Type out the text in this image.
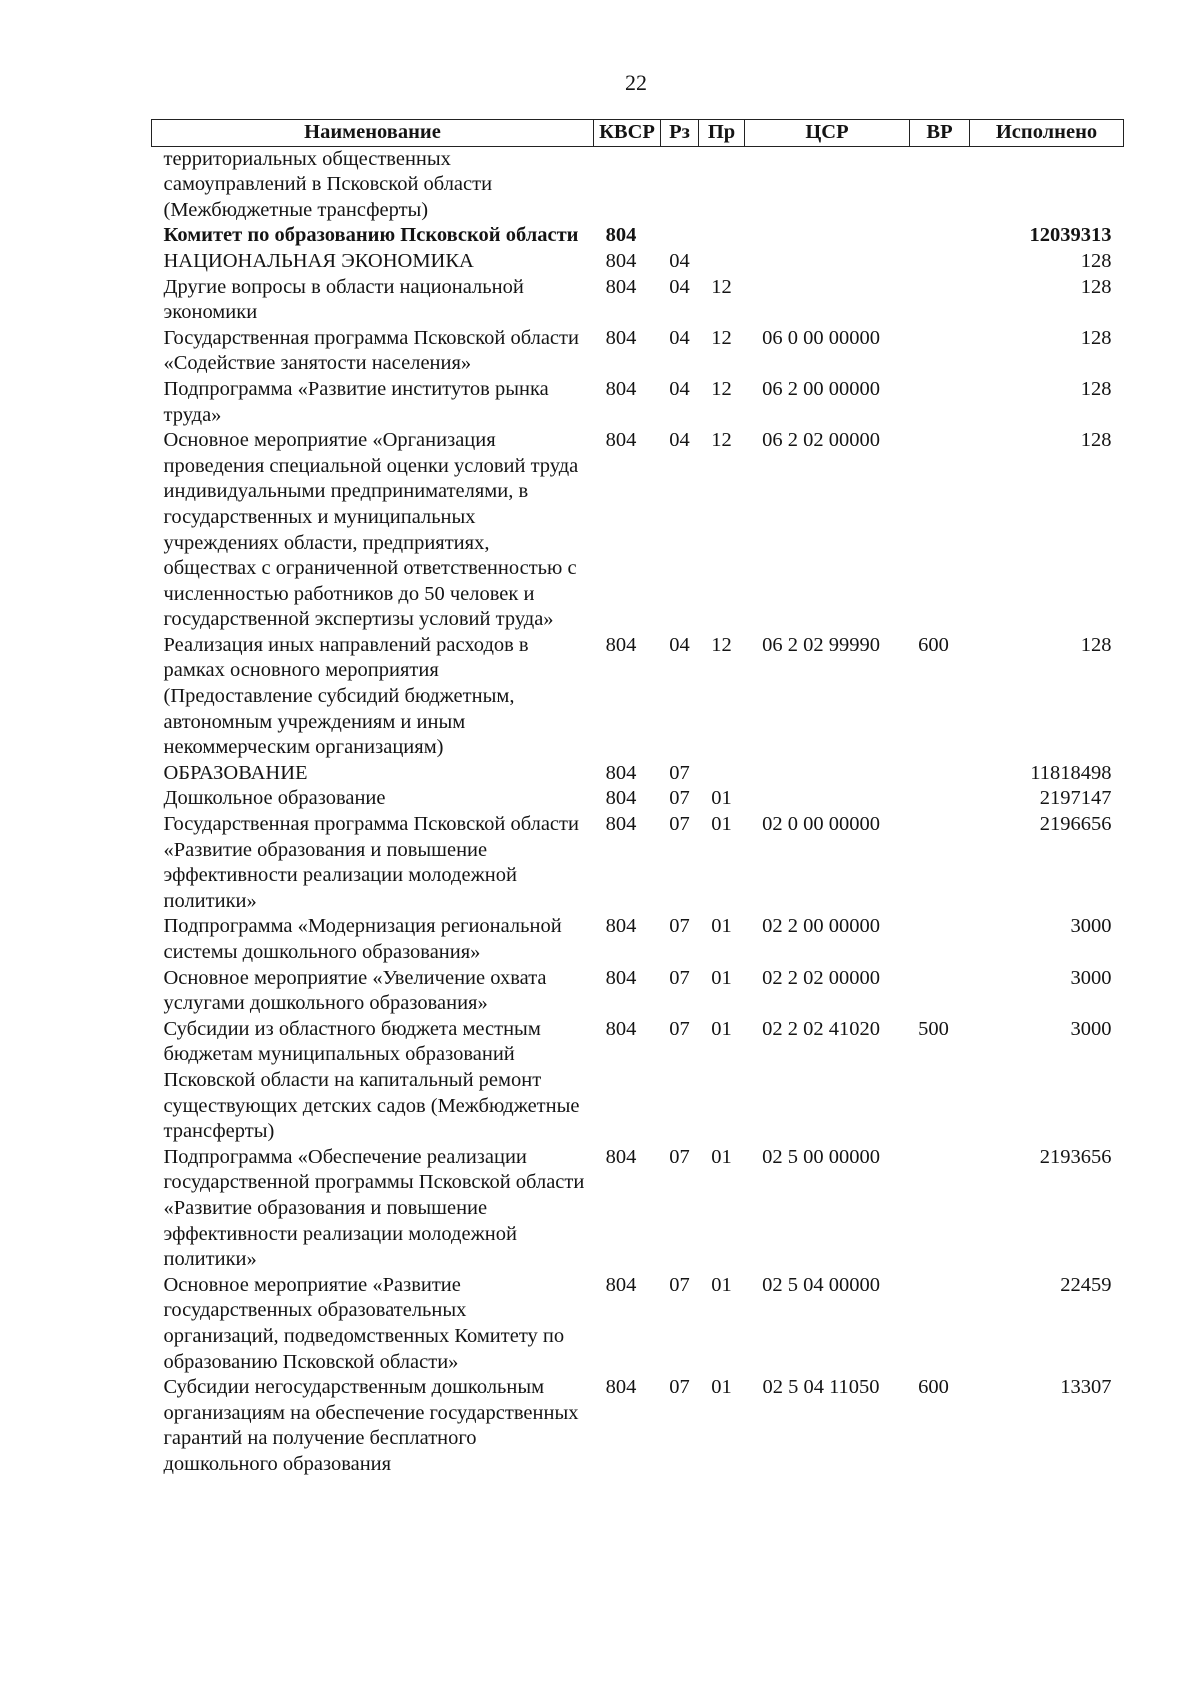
22
Наименование	КВСР	Рз	Пр	ЦСР	ВР	Исполнено
территориальных общественных самоуправлений в Псковской области (Межбюджетные трансферты)						
Комитет по образованию Псковской области	804					12039313
НАЦИОНАЛЬНАЯ ЭКОНОМИКА	804	04				128
Другие вопросы в области национальной экономики	804	04	12			128
Государственная программа Псковской области «Содействие занятости населения»	804	04	12	06 0 00 00000		128
Подпрограмма «Развитие институтов рынка труда»	804	04	12	06 2 00 00000		128
Основное мероприятие «Организация проведения специальной оценки условий труда индивидуальными предпринимателями, в государственных и муниципальных учреждениях области, предприятиях, обществах с ограниченной ответственностью с численностью работников до 50 человек и государственной экспертизы условий труда»	804	04	12	06 2 02 00000		128
Реализация иных направлений расходов в рамках основного мероприятия (Предоставление субсидий бюджетным, автономным учреждениям и иным некоммерческим организациям)	804	04	12	06 2 02 99990	600	128
ОБРАЗОВАНИЕ	804	07				11818498
Дошкольное образование	804	07	01			2197147
Государственная программа Псковской области «Развитие образования и повышение эффективности реализации молодежной политики»	804	07	01	02 0 00 00000		2196656
Подпрограмма «Модернизация региональной системы дошкольного образования»	804	07	01	02 2 00 00000		3000
Основное мероприятие «Увеличение охвата услугами дошкольного образования»	804	07	01	02 2 02 00000		3000
Субсидии из областного бюджета местным бюджетам муниципальных образований Псковской области на капитальный ремонт существующих детских садов (Межбюджетные трансферты)	804	07	01	02 2 02 41020	500	3000
Подпрограмма «Обеспечение реализации государственной программы Псковской области «Развитие образования и повышение эффективности реализации молодежной политики»	804	07	01	02 5 00 00000		2193656
Основное мероприятие «Развитие государственных образовательных организаций, подведомственных Комитету по образованию Псковской области»	804	07	01	02 5 04 00000		22459
Субсидии негосударственным дошкольным организациям на обеспечение государственных гарантий на получение бесплатного дошкольного образования	804	07	01	02 5 04 11050	600	13307
